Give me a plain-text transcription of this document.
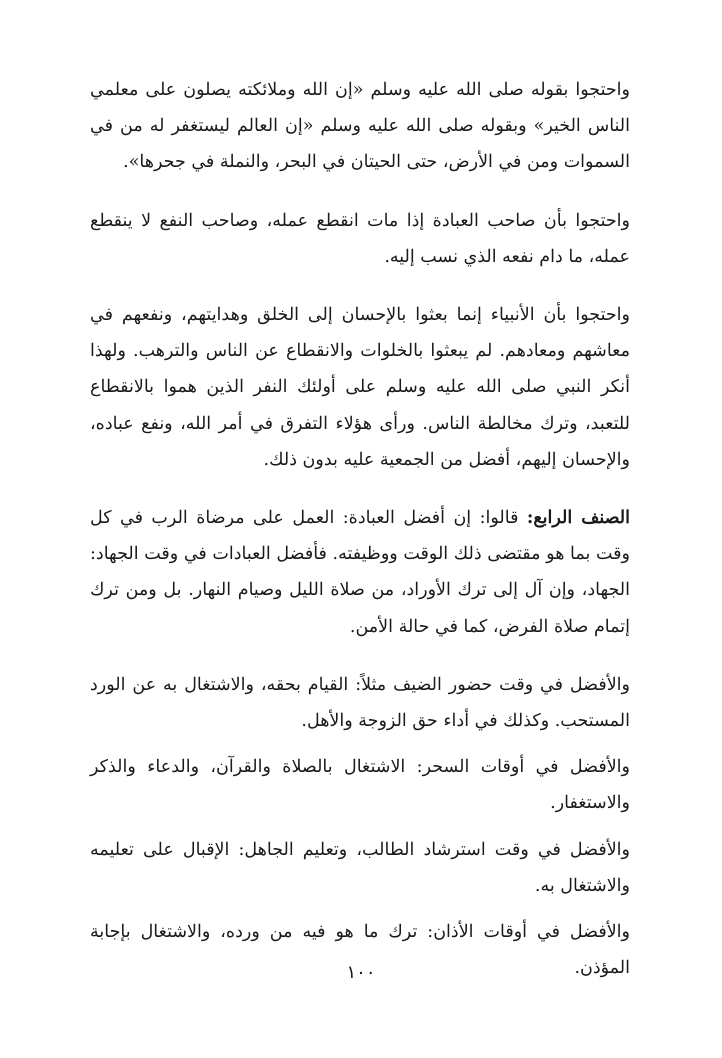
واحتجوا بقوله صلى الله عليه وسلم «إن الله وملائكته يصلون على معلمي الناس الخير» وبقوله صلى الله عليه وسلم «إن العالم ليستغفر له من في السموات ومن في الأرض، حتى الحيتان في البحر، والنملة في جحرها».

واحتجوا بأن صاحب العبادة إذا مات انقطع عمله، وصاحب النفع لا ينقطع عمله، ما دام نفعه الذي نسب إليه.

واحتجوا بأن الأنبياء إنما بعثوا بالإحسان إلى الخلق وهدايتهم، ونفعهم في معاشهم ومعادهم. لم يبعثوا بالخلوات والانقطاع عن الناس والترهب. ولهذا أنكر النبي صلى الله عليه وسلم على أولئك النفر الذين هموا بالانقطاع للتعبد، وترك مخالطة الناس. ورأى هؤلاء التفرق في أمر الله، ونفع عباده، والإحسان إليهم، أفضل من الجمعية عليه بدون ذلك.

الصنف الرابع: قالوا: إن أفضل العبادة: العمل على مرضاة الرب في كل وقت بما هو مقتضى ذلك الوقت ووظيفته. فأفضل العبادات في وقت الجهاد: الجهاد، وإن آل إلى ترك الأوراد، من صلاة الليل وصيام النهار. بل ومن ترك إتمام صلاة الفرض، كما في حالة الأمن.

والأفضل في وقت حضور الضيف مثلاً: القيام بحقه، والاشتغال به عن الورد المستحب. وكذلك في أداء حق الزوجة والأهل.

والأفضل في أوقات السحر: الاشتغال بالصلاة والقرآن، والدعاء والذكر والاستغفار.

والأفضل في وقت استرشاد الطالب، وتعليم الجاهل: الإقبال على تعليمه والاشتغال به.

والأفضل في أوقات الأذان: ترك ما هو فيه من ورده، والاشتغال بإجابة المؤذن.

١٠٠
